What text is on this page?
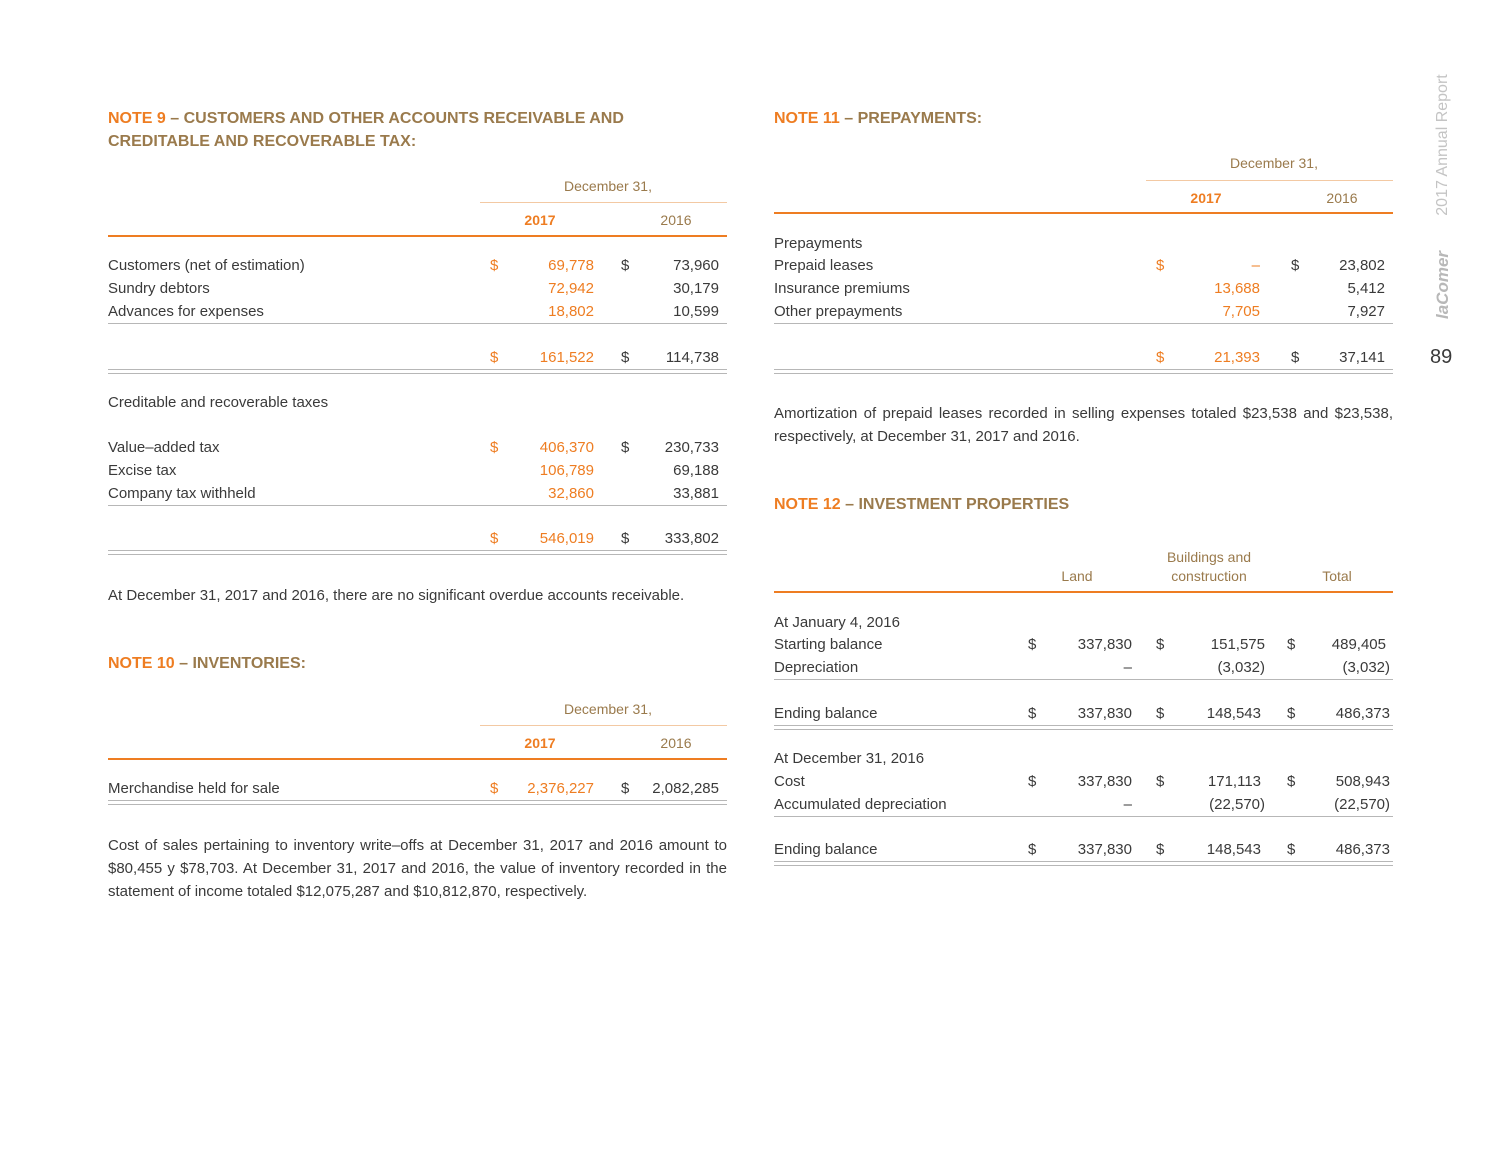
2017 Annual Report
laComer
89
NOTE 9 – CUSTOMERS AND OTHER ACCOUNTS RECEIVABLE AND CREDITABLE AND RECOVERABLE TAX:
December 31,
2017	2016
Customers (net of estimation)	$	69,778 $	73,960
Sundry debtors	72,942	30,179
Advances for expenses	18,802	10,599
$	161,522 $	114,738
Creditable and recoverable taxes
Value–added tax	$	406,370 $	230,733
Excise tax	106,789	69,188
Company tax withheld	32,860	33,881
$	546,019 $	333,802

At December 31, 2017 and 2016, there are no significant overdue accounts receivable.

NOTE 10 – INVENTORIES:
December 31,
2017	2016
Merchandise held for sale	$	2,376,227 $	2,082,285

Cost of sales pertaining to inventory write–offs at December 31, 2017 and 2016 amount to $80,455 y $78,703. At December 31, 2017 and 2016, the value of inventory recorded in the statement of income totaled $12,075,287 and $10,812,870, respectively.

NOTE 11 – PREPAYMENTS:
December 31,
2017	2016
Prepayments
Prepaid leases	$	– $	23,802
Insurance premiums	13,688	5,412
Other prepayments	7,705	7,927
$	21,393 $	37,141

Amortization of prepaid leases recorded in selling expenses totaled $23,538 and $23,538, respectively, at December 31, 2017 and 2016.

NOTE 12 – INVESTMENT PROPERTIES
Land
Buildings and
construction	Total
At January 4, 2016
Starting balance	$	337,830 $	151,575 $	489,405
Depreciation	–	(3,032)	(3,032)
Ending balance	$	337,830 $	148,543 $	486,373
At December 31, 2016
Cost	$	337,830 $	171,113 $	508,943
Accumulated depreciation	–	(22,570)	(22,570)
Ending balance	$	337,830 $	148,543 $	486,373
